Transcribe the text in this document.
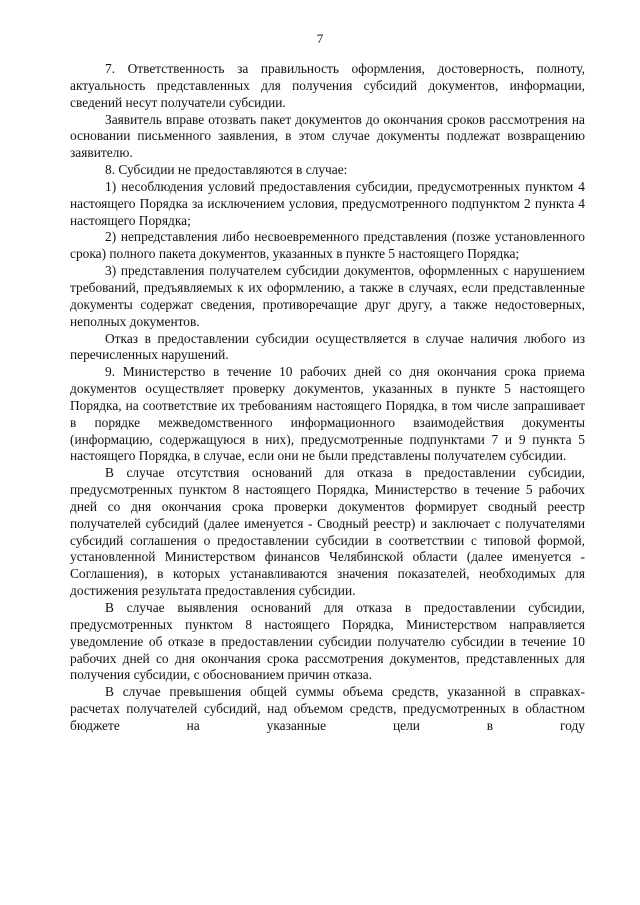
7

7. Ответственность за правильность оформления, достоверность, полноту, актуальность представленных для получения субсидий документов, информации, сведений несут получатели субсидии.

Заявитель вправе отозвать пакет документов до окончания сроков рассмотрения на основании письменного заявления, в этом случае документы подлежат возвращению заявителю.

8. Субсидии не предоставляются в случае:

1) несоблюдения условий предоставления субсидии, предусмотренных пунктом 4 настоящего Порядка за исключением условия, предусмотренного подпунктом 2 пункта 4 настоящего Порядка;

2) непредставления либо несвоевременного представления (позже установленного срока) полного пакета документов, указанных в пункте 5 настоящего Порядка;

3) представления получателем субсидии документов, оформленных с нарушением требований, предъявляемых к их оформлению, а также в случаях, если представленные документы содержат сведения, противоречащие друг другу, а также недостоверных, неполных документов.

Отказ в предоставлении субсидии осуществляется в случае наличия любого из перечисленных нарушений.

9. Министерство в течение 10 рабочих дней со дня окончания срока приема документов осуществляет проверку документов, указанных в пункте 5 настоящего Порядка, на соответствие их требованиям настоящего Порядка, в том числе запрашивает в порядке межведомственного информационного взаимодействия документы (информацию, содержащуюся в них), предусмотренные подпунктами 7 и 9 пункта 5 настоящего Порядка, в случае, если они не были представлены получателем субсидии.

В случае отсутствия оснований для отказа в предоставлении субсидии, предусмотренных пунктом 8 настоящего Порядка, Министерство в течение 5 рабочих дней со дня окончания срока проверки документов формирует сводный реестр получателей субсидий (далее именуется - Сводный реестр) и заключает с получателями субсидий соглашения о предоставлении субсидии в соответствии с типовой формой, установленной Министерством финансов Челябинской области (далее именуется - Соглашения), в которых устанавливаются значения показателей, необходимых для достижения результата предоставления субсидии.

В случае выявления оснований для отказа в предоставлении субсидии, предусмотренных пунктом 8 настоящего Порядка, Министерством направляется уведомление об отказе в предоставлении субсидии получателю субсидии в течение 10 рабочих дней со дня окончания срока рассмотрения документов, представленных для получения субсидии, с обоснованием причин отказа.

В случае превышения общей суммы объема средств, указанной в справках-расчетах получателей субсидий, над объемом средств, предусмотренных в областном бюджете на указанные цели в году
